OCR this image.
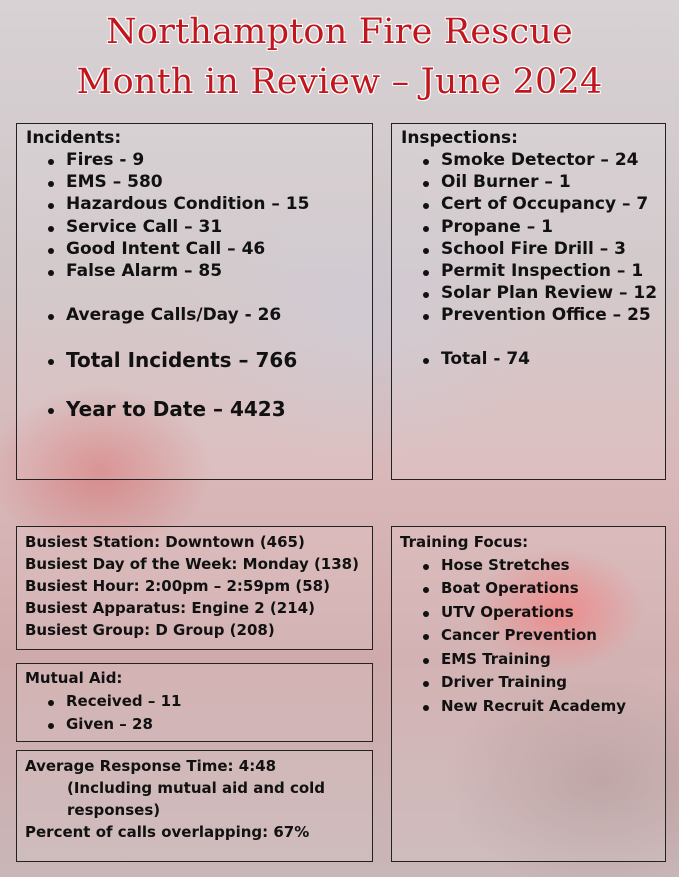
Northampton Fire Rescue
Month in Review – June 2024
Incidents:
Fires - 9
EMS – 580
Hazardous Condition – 15
Service Call – 31
Good Intent Call – 46
False Alarm – 85
Average Calls/Day - 26
Total Incidents – 766
Year to Date – 4423
Inspections:
Smoke Detector – 24
Oil Burner – 1
Cert of Occupancy – 7
Propane – 1
School Fire Drill – 3
Permit Inspection – 1
Solar Plan Review – 12
Prevention Office – 25
Total - 74
Busiest Station: Downtown (465)
Busiest Day of the Week: Monday (138)
Busiest Hour: 2:00pm – 2:59pm (58)
Busiest Apparatus: Engine 2 (214)
Busiest Group: D Group (208)
Mutual Aid:
Received – 11
Given – 28
Average Response Time: 4:48
(Including mutual aid and cold
responses)
Percent of calls overlapping: 67%
Training Focus:
Hose Stretches
Boat Operations
UTV Operations
Cancer Prevention
EMS Training
Driver Training
New Recruit Academy
